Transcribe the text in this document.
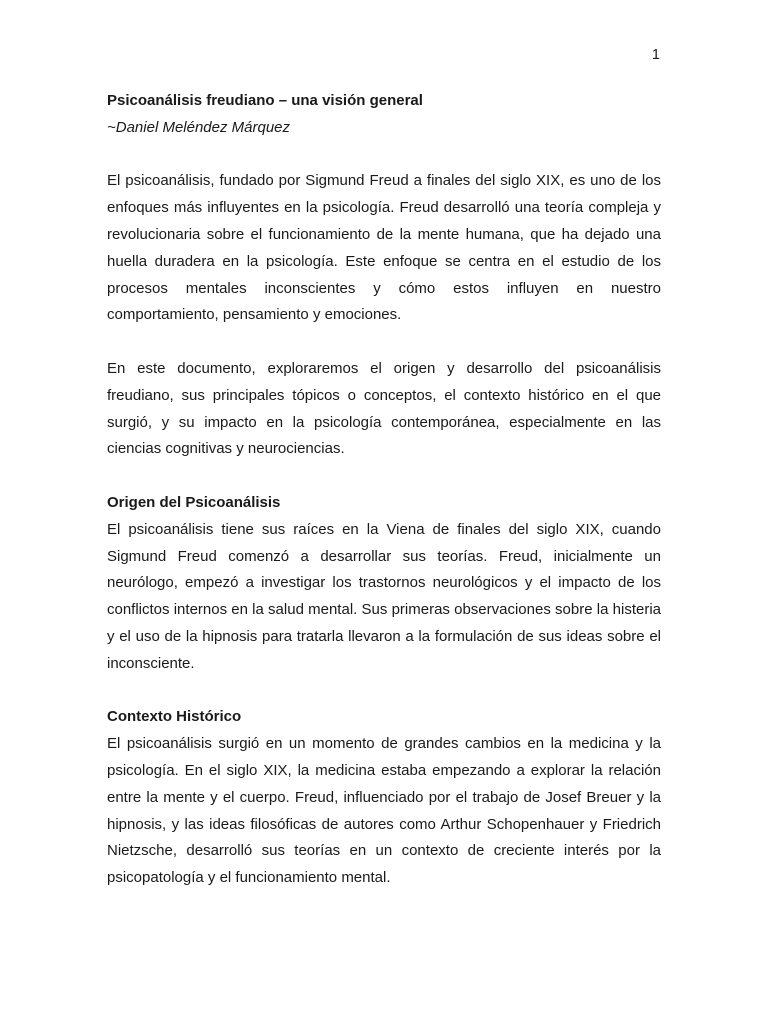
1

Psicoanálisis freudiano – una visión general

~Daniel Meléndez Márquez

El psicoanálisis, fundado por Sigmund Freud a finales del siglo XIX, es uno de los enfoques más influyentes en la psicología. Freud desarrolló una teoría compleja y revolucionaria sobre el funcionamiento de la mente humana, que ha dejado una huella duradera en la psicología. Este enfoque se centra en el estudio de los procesos mentales inconscientes y cómo estos influyen en nuestro comportamiento, pensamiento y emociones.

En este documento, exploraremos el origen y desarrollo del psicoanálisis freudiano, sus principales tópicos o conceptos, el contexto histórico en el que surgió, y su impacto en la psicología contemporánea, especialmente en las ciencias cognitivas y neurociencias.

Origen del Psicoanálisis

El psicoanálisis tiene sus raíces en la Viena de finales del siglo XIX, cuando Sigmund Freud comenzó a desarrollar sus teorías. Freud, inicialmente un neurólogo, empezó a investigar los trastornos neurológicos y el impacto de los conflictos internos en la salud mental. Sus primeras observaciones sobre la histeria y el uso de la hipnosis para tratarla llevaron a la formulación de sus ideas sobre el inconsciente.

Contexto Histórico

El psicoanálisis surgió en un momento de grandes cambios en la medicina y la psicología. En el siglo XIX, la medicina estaba empezando a explorar la relación entre la mente y el cuerpo. Freud, influenciado por el trabajo de Josef Breuer y la hipnosis, y las ideas filosóficas de autores como Arthur Schopenhauer y Friedrich Nietzsche, desarrolló sus teorías en un contexto de creciente interés por la psicopatología y el funcionamiento mental.
